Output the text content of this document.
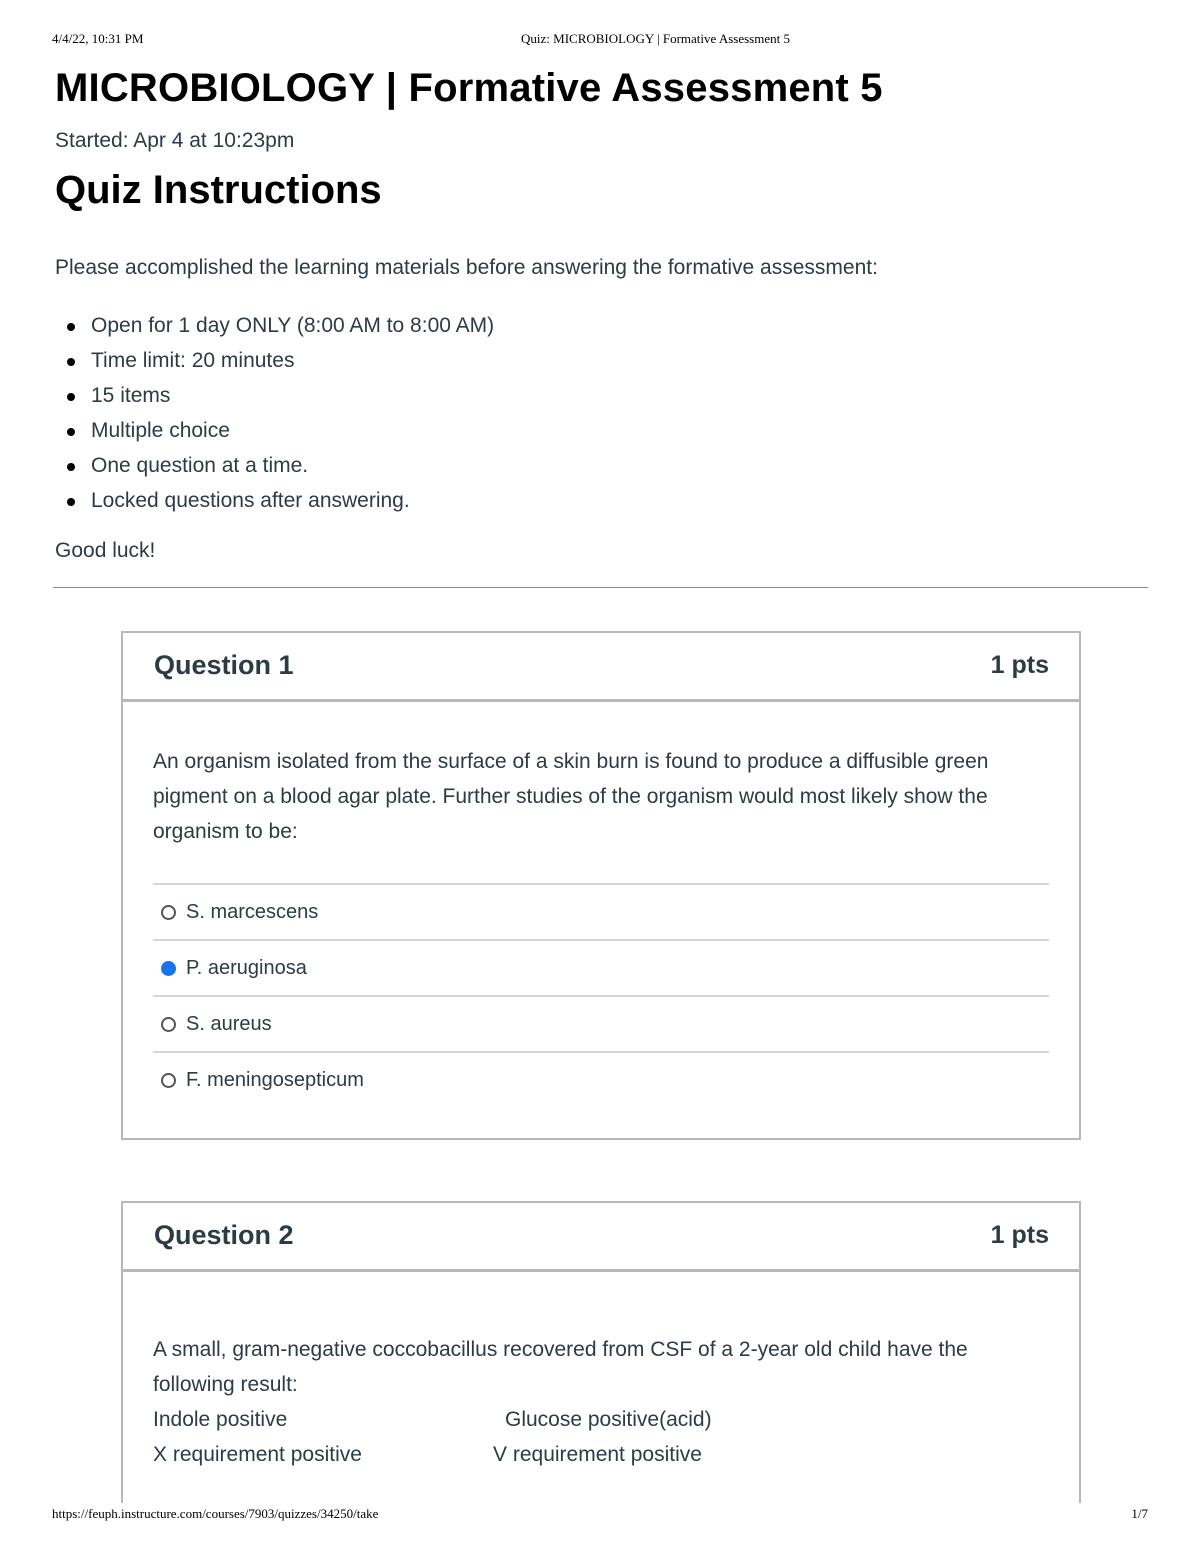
4/4/22, 10:31 PM	Quiz: MICROBIOLOGY | Formative Assessment 5
MICROBIOLOGY | Formative Assessment 5
Started: Apr 4 at 10:23pm
Quiz Instructions
Please accomplished the learning materials before answering the formative assessment:
Open for 1 day ONLY (8:00 AM to 8:00 AM)
Time limit: 20 minutes
15 items
Multiple choice
One question at a time.
Locked questions after answering.
Good luck!
Question 1	1 pts
An organism isolated from the surface of a skin burn is found to produce a diffusible green pigment on a blood agar plate. Further studies of the organism would most likely show the organism to be:
S. marcescens
P. aeruginosa
S. aureus
F. meningosepticum
Question 2	1 pts
A small, gram-negative coccobacillus recovered from CSF of a 2-year old child have the following result:
Indole positive	Glucose positive(acid)
X requirement positive	V requirement positive
https://feuph.instructure.com/courses/7903/quizzes/34250/take	1/7
